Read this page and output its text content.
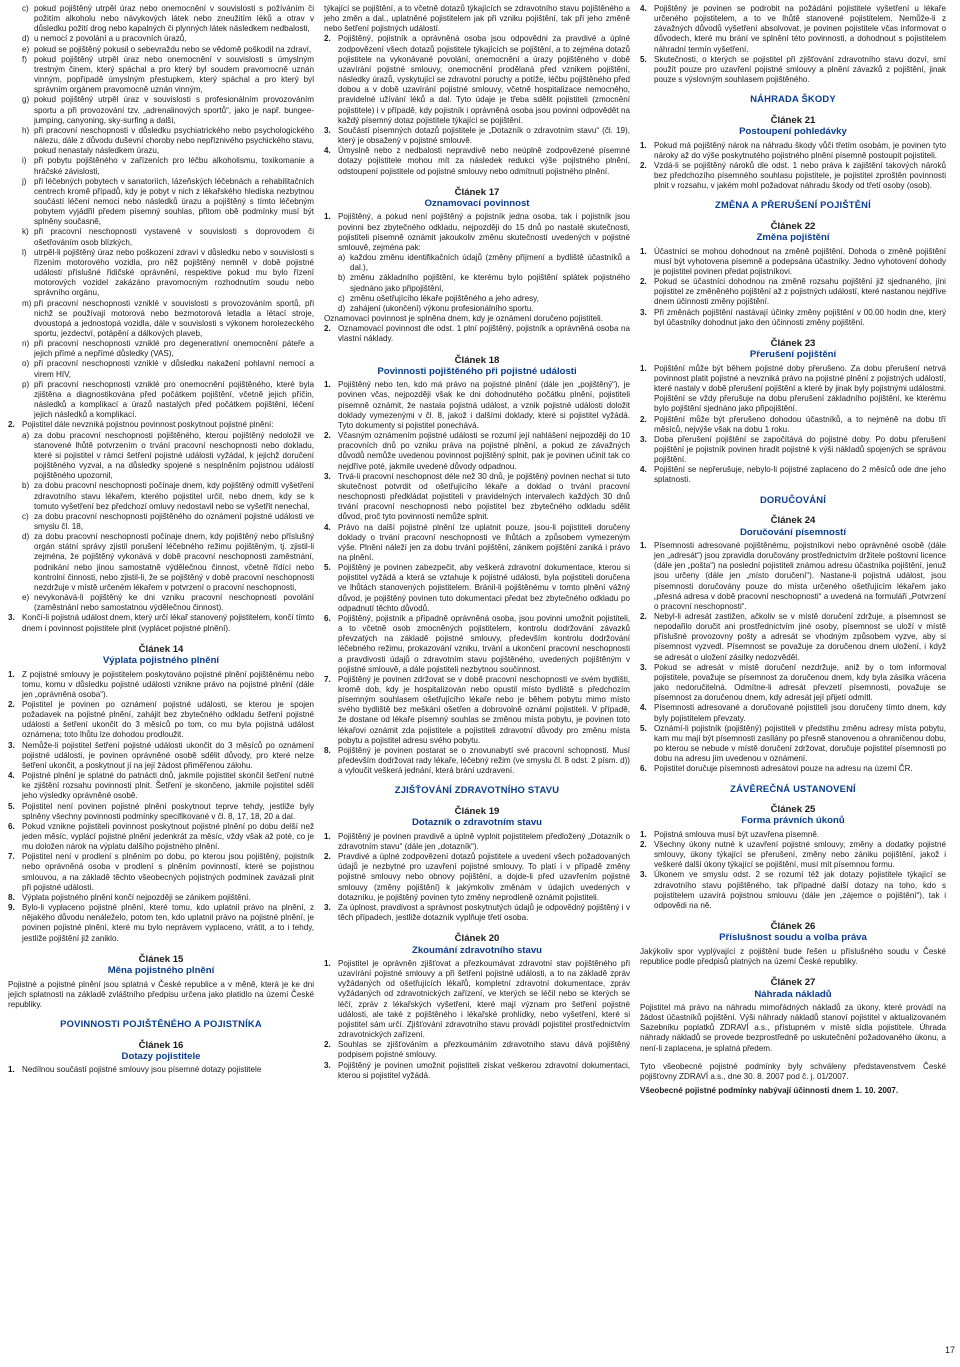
c) pokud pojištěný utrpěl úraz nebo onemocnění v souvislosti s požíváním či požitím alkoholu nebo návykových látek nebo zneužitím léků a otrav v důsledku požití drog nebo kapalných či plynných látek následkem nedbalosti,
d) u nemocí z povolání a u pracovních úrazů,
e) pokud se pojištěný pokusil o sebevraždu nebo se vědomě poškodil na zdraví,
f) pokud pojištěný utrpěl úraz nebo onemocnění v souvislosti s úmyslným trestným činem, který spáchal a pro který byl soudem pravomocně uznán vinným, popřípadě úmyslným přestupkem, který spáchal a pro který byl správním orgánem pravomocně uznán vinným,
g) pokud pojištěný utrpěl úraz v souvislosti s profesionálním provozováním sportu a při provozování tzv. „adrenalinových sportů“, jako je např. bungee-jumping, canyoning, sky-surfing a další,
h) při pracovní neschopnosti v důsledku psychiatrického nebo psychologického nálezu, dále z důvodu duševní choroby nebo nepříznivého psychického stavu, pokud nenastaly následkem úrazu,
i) při pobytu pojištěného v zařízeních pro léčbu alkoholismu, toxikomanie a hráčské závislosti,
j) při léčebných pobytech v sanatoriích, lázeňských léčebnách a rehabilitačních centrech kromě případů, kdy je pobyt v nich z lékařského hlediska nezbytnou součástí léčení nemoci nebo následků úrazu a pojištěný s tímto léčebným pobytem vyjádřil předem písemný souhlas, přitom obě podmínky musí být splněny současně,
k) při pracovní neschopnosti vystavené v souvislosti s doprovodem či ošetřováním osob blízkých,
l) utrpěl-li pojištěný úraz nebo poškození zdraví v důsledku nebo v souvislosti s řízením motorového vozidla, pro něž pojištěný nemněl v době pojistné události příslušné řidičské oprávnění, respektive pokud mu bylo řízení motorových vozidel zakázáno pravomocným rozhodnutím soudu nebo správního orgánu,
m) při pracovní neschopnosti vzniklé v souvislosti s provozováním sportů, při nichž se používají motorová nebo bezmotorová letadla a létací stroje, dvoustopá a jednostopá vozidla, dále v souvislosti s výkonem horolezeckého sportu, jezdectví, potápění a dálkových plaveb,
n) při pracovní neschopnosti vzniklé pro degenerativní onemocnění páteře a jejich přímé a nepřímé důsledky (VAS),
o) při pracovní neschopnosti vzniklé v důsledku nakažení pohlavní nemocí a virem HIV,
p) při pracovní neschopnosti vzniklé pro onemocnění pojištěného, které byla zjištěna a diagnostikována před počátkem pojištění, včetně jejich příčin, následků a komplikací a úrazů nastalých před počátkem pojištění, léčení jejich následků a komplikací.
2. Pojistitel dále nevzniká pojistnou povinnost poskytnout pojistné plnění:
a) za dobu pracovní neschopnosti pojištěného, kterou pojištěný nedoložil ve stanovené lhůtě potvrzením o trvání pracovní neschopnosti nebo dokladu, které si pojistitel v rámci šetření pojistné události vyžádal, k jejichž doručení pojištěného vyzval, a na důsledky spojené s nesplněním pojistnou událostí pojištěného upozornil,
b) za dobu pracovní neschopnosti počínaje dnem, kdy pojištěný odmítl vyšetření zdravotního stavu lékařem, kterého pojistitel určil, nebo dnem, kdy se k tomuto vyšetření bez předchozí omluvy nedostavil nebo se vyšetřit nenechal,
c) za dobu pracovní neschopnosti pojištěného do oznámení pojistné události ve smyslu čl. 18,
d) za dobu pracovní neschopnosti počínaje dnem, kdy pojištěný nebo příslušný orgán státní správy zjistil porušení léčebného režimu pojištěným, tj. zjistil-li zejména, že pojištěný vykonává v době pracovní neschopnosti zaměstnání, podnikání nebo jinou samostatně výdělečnou činnost, včetně řídící nebo kontrolní činnosti, nebo zjistil-li, že se pojištěný v době pracovní neschopnosti nezdržuje v místě určeném lékařem v potvrzení o pracovní neschopnosti,
e) nevykonává-li pojištěný ke dni vzniku pracovní neschopnosti povolání (zaměstnání nebo samostatnou výdělečnou činnost).
3. Končí-li pojistná událost dnem, který určí lékař stanovený pojistitelem, končí tímto dnem i povinnost pojistitele plnit (vyplácet pojistné plnění).
Článek 14
Výplata pojistného plnění
1. Z pojistné smlouvy je pojistitelem poskytováno pojistné plnění pojištěnému nebo tomu, komu v důsledku pojistné události vznikne právo na pojistné plnění (dále jen „oprávněná osoba“).
2. Pojistitel je povinen po oznámení pojistné události, se kterou je spojen požadavek na pojistné plnění, zahájit bez zbytečného odkladu šetření pojistné události a šetření ukončit do 3 měsíců po tom, co mu byla pojistná událost oznámena; toto lhůtu lze dohodou prodloužit.
3. Nemůže-li pojistitel šetření pojistné události ukončit do 3 měsíců po oznámení pojistné události, je povinen oprávněné osobě sdělit důvody, pro které nelze šetření ukončit, a poskytnout jí na její žádost přiměřenou zálohu.
4. Pojistné plnění je splatné do patnácti dnů, jakmile pojistitel skončil šetření nutné ke zjištění rozsahu povinnosti plnit. Šetření je skončeno, jakmile pojistitel sdělí jeho výsledky oprávněné osobě.
5. Pojistitel není povinen pojistné plnění poskytnout teprve tehdy, jestliže byly splněny všechny povinnosti podmínky specifikované v čl. 8, 17, 18, 20 a dal.
6. Pokud vznikne pojistiteli povinnost poskytnout pojistné plnění po dobu delší než jeden měsíc, vyplácí pojistné plnění jedenkrát za měsíc, vždy však až poté, co je mu doložen nárok na výplatu dalšího pojistného plnění.
7. Pojistitel není v prodlení s plněním po dobu, po kterou jsou pojištěný, pojistník nebo oprávněná osoba v prodlení s plněním povinností, které se pojistnou smlouvou, a na základě těchto všeobecných pojistných podmínek zavázali plnit při pojistné události.
8. Výplata pojistného plnění končí nejpozději se zánikem pojištění.
9. Bylo-li vyplaceno pojistné plnění, které tomu, kdo uplatnil právo na plnění, z nějakého důvodu nenáleželo, potom ten, kdo uplatnil právo na pojistné plnění, je povinen pojistné plnění, které mu bylo neprávem vyplaceno, vrátit, a to i tehdy, jestliže pojištění již zaniklo.
Článek 15
Měna pojistného plnění

Pojistné a pojistné plnění jsou splatná v České republice a v měně, která je ke dni jejich splatnosti na základě zvláštního předpisu určena jako platidlo na území České republiky.

POVINNOSTI POJIŠTĚNÉHO A POJISTNÍKA
Článek 16
Dotazy pojistitele
1. Nedílnou součástí pojistné smlouvy jsou písemné dotazy pojistitele

týkající se pojištění, a to včetně dotazů týkajících se zdravotního stavu pojištěného a jeho změn a dal., uplatněné pojistitelem jak při vzniku pojištění, tak při jeho změně nebo šetření pojistných událostí.

2. Pojištěný, pojistník a oprávněná osoba jsou odpovědni za pravdivé a úplné zodpovězení všech dotazů pojistitele týkajících se pojištění, a to zejména dotazů pojistitele na vykonávané povolání, onemocnění a úrazy pojištěného v době uzavírání pojistné smlouvy, onemocnění prodělaná před vznikem pojištění, následky úrazů, vyskytující se zdravotní poruchy a potíže, léčbu pojištěného před dobou a v době uzavírání pojistné smlouvy, včetně hospitalizace nemocného, pravidelné užívání léků a dal. Tyto údaje je třeba sdělit pojistiteli (zmocnění pojistitele) i v případě, kdy pojistník i oprávněná osoba jsou povinni odpovědět na každý písemný dotaz pojistitele týkající se pojištění.
3. Součástí písemných dotazů pojistitele je „Dotazník o zdravotním stavu“ (čl. 19), který je obsažený v pojistné smlouvě.
4. Úmyslně nebo z nedbalosti nepravdivě nebo neúplně zodpovězené písemné dotazy pojistitele mohou mít za následek redukci výše pojistného plnění, odstoupení pojistitele od pojistné smlouvy nebo odmítnutí pojistného plnění.
Článek 17
Oznamovací povinnost
1. Pojištěný, a pokud není pojištěný a pojistník jedna osoba, tak i pojistník jsou povinni bez zbytečného odkladu, nejpozději do 15 dnů po nastalé skutečnosti, pojistiteli písemně oznámit jakoukoliv změnu skutečností uvedených v pojistné smlouvě, zejména pak:
a) každou změnu identifikačních údajů (změny příjmení a bydliště účastníků a dal.),
b) změnu základního pojištění, ke kterému bylo pojištění splátek pojistného sjednáno jako připojištění,
c) změnu ošetřujícího lékaře pojištěného a jeho adresy,
d) zahájení (ukončení) výkonu profesionálního sportu.

Oznamovací povinnost je splněna dnem, kdy je oznámení doručeno pojistiteli.

2. Oznamovací povinnost dle odst. 1 plní pojištěný, pojistník a oprávněná osoba na vlastní náklady.
Článek 18
Povinnosti pojištěného při pojistné události
1. Pojištěný nebo ten, kdo má právo na pojistné plnění (dále jen „pojištěný“), je povinen včas, nejpozději však ke dni dohodnutého počátku plnění, pojistiteli písemně oznámit, že nastala pojistná událost, a vznik pojistné události doložit doklady vymezenými v čl. 8, jakož i dalšími doklady, které si pojistitel vyžádá. Tyto dokumenty si pojistitel ponechává.
2. Včasným oznámením pojistné události se rozumí její nahlášení nejpozději do 10 pracovních dnů po vzniku práva na pojistné plnění, a pokud ze závažných důvodů nemůže uvedenou povinnost pojištěný splnit, pak je povinen učinit tak co nejdříve poté, jakmile uvedené důvody odpadnou.
3. Trvá-li pracovní neschopnost déle než 30 dnů, je pojištěný povinen nechat si tuto skutečnost potvrdit od ošetřujícího lékaře a doklad o trvání pracovní neschopnosti předkládat pojistiteli v pravidelných intervalech každých 30 dnů trvání pracovní neschopnosti nebo pojistitel bez zbytečného odkladu sdělit důvod, proč tyto povinnosti nemůže splnit.
4. Právo na další pojistné plnění lze uplatnit pouze, jsou-li pojistiteli doručeny doklady o trvání pracovní neschopnosti ve lhůtách a způsobem vymezeným výše. Plnění náleží jen za dobu trvání pojištění, zánikem pojištění zaniká i právo na plnění.
5. Pojištěný je povinen zabezpečit, aby veškerá zdravotní dokumentace, kterou si pojistitel vyžádá a která se vztahuje k pojistné události, byla pojistiteli doručena ve lhůtách stanovených pojistitelem. Bránil-li pojištěnému v tomto plnění vážný důvod, je pojištěný povinen tuto dokumentaci předat bez zbytečného odkladu po odpadnutí těchto důvodů.
6. Pojištěný, pojistník a případně oprávněná osoba, jsou povinni umožnit pojistiteli, a to včetně osob zmocněných pojistitelem, kontrolu dodržování závazků převzatých na základě pojistné smlouvy, především kontrolu dodržování léčebného režimu, prokazování vzniku, trvání a ukončení pracovní neschopnosti a pravdivosti údajů o zdravotním stavu pojištěného, uvedených pojištěným v pojistné smlouvě, a dále pojistiteli nezbytnou součinnost.
7. Pojištěný je povinen zdržovat se v době pracovní neschopnosti ve svém bydlišti, kromě dob, kdy je hospitalizován nebo opustil místo bydliště s předchozím písemným souhlasem ošetřujícího lékaře nebo je během pobytu mimo místo svého bydliště bez meškání ošetřen a dobrovolně oznámí pojistiteli. V případě, že dostane od lékaře písemný souhlas se změnou místa pobytu, je povinen toto lékařovi oznámit zda pojistitele a pojistiteli zdravotní důvody pro změnu místa pobytu a pojistitel adresu svého pobytu.
8. Pojištěný je povinen postarat se o znovunabytí své pracovní schopnosti. Musí především dodržovat rady lékaře, léčebný režim (ve smyslu čl. 8 odst. 2 písm. d)) a vyloučit veškerá jednání, která brání uzdravení.
ZJIŠŤOVÁNÍ ZDRAVOTNÍHO STAVU
Článek 19
Dotazník o zdravotním stavu
1. Pojištěný je povinen pravdivě a úplně vyplnit pojistitelem předložený „Dotazník o zdravotním stavu“ (dále jen „dotazník“).
2. Pravdivé a úplné zodpovězení dotazů pojistitele a uvedení všech požadovaných údajů je nezbytné pro uzavření pojistné smlouvy. To platí i v případě změny pojistné smlouvy nebo obnovy pojištění, a dojde-li před uzavřením pojistné smlouvy (změny pojištění) k jakýmkoliv změnám v údajích uvedených v dotazníku, je pojištěný povinen tyto změny neprodleně oznámit pojistiteli.
3. Za úplnost, pravdivost a správnost poskytnutých údajů je odpovědný pojištěný i v těch případech, jestliže dotazník vyplňuje třetí osoba.
Článek 20
Zkoumání zdravotního stavu
1. Pojistitel je oprávněn zjišťovat a přezkoumávat zdravotní stav pojištěného při uzavírání pojistné smlouvy a při šetření pojistné události, a to na základě zpráv vyžádaných od ošetřujících lékařů, kompletní zdravotní dokumentace, zpráv vyžádaných od zdravotnických zařízení, ve kterých se léčil nebo se kterých se léčí, zpráv z lékařských vyšetření, které mají význam pro šetření pojistné události, ale také z pojištěného i lékařské prohlídky, nebo vyšetření, které si pojistitel sám určí. Zjišťování zdravotního stavu provádí pojistitel prostřednictvím zdravotnických zařízení.
2. Souhlas se zjišťováním a přezkoumáním zdravotního stavu dává pojištěný podpisem pojistné smlouvy.
3. Pojištěný je povinen umožnit pojistiteli získat veškerou zdravotní dokumentaci, kterou si pojistitel vyžádá.
4. Pojištěný je povinen se podrobit na požádání pojistitele vyšetření u lékaře určeného pojistitelem, a to ve lhůtě stanovené pojistitelem. Nemůže-li z závažných důvodů vyšetření absolvovat, je povinen pojistitele včas informovat o důvodech, které mu brání ve splnění této povinnosti, a dohodnout s pojistitelem náhradní termín vyšetření.
5. Skutečnosti, o kterých se pojistitel při zjišťování zdravotního stavu dozví, smí použít pouze pro uzavření pojistné smlouvy a plnění závazků z pojištění, jinak pouze s výslovným souhlasem pojištěného.
NÁHRADA ŠKODY
Článek 21
Postoupení pohledávky
1. Pokud má pojištěný nárok na náhradu škody vůči třetím osobám, je povinen tyto nároky až do výše poskytnutého pojistného plnění písemně postoupit pojistiteli.
2. Vzdá-li se pojištěný nároků dle odst. 1 nebo práva k zajištění takových nároků bez předchozího písemného souhlasu pojistitele, je pojistitel zproštěn povinnosti plnit v rozsahu, v jakém mohl požadovat náhradu škody od třetí osoby (osob).
ZMĚNA A PŘERUŠENÍ POJIŠTĚNÍ
Článek 22
Změna pojištění
1. Účastníci se mohou dohodnout na změně pojištění. Dohoda o změně pojištění musí být vyhotovena písemně a podepsána účastníky. Jedno vyhotovení dohody je pojistitel povinen předat pojistníkovi.
2. Pokud se účastníci dohodnou na změně rozsahu pojištění již sjednaného, jíni pojistitel ze změněného pojištění až z pojistných událostí, které nastanou nejdříve dnem účinnosti změny pojištění.
3. Při změnách pojištění nastávají účinky změny pojištění v 00.00 hodin dne, který byl účastníky dohodnut jako den účinnosti změny pojištění.
Článek 23
Přerušení pojištění
1. Pojištění může být během pojistné doby přerušeno. Za dobu přerušení netrvá povinnost platit pojistné a nevzniká právo na pojistné plnění z pojistných událostí, které nastaly v době přerušení pojištění a které by jinak byly pojistnými událostmi. Pojištění se vždy přerušuje na dobu přerušení základního pojištění, ke kterému bylo pojištění sjednáno jako připojištění.
2. Pojištění může být přerušeno dohodou účastníků, a to nejméně na dobu tří měsíců, nejvýše však na dobu 1 roku.
3. Doba přerušení pojištění se započítává do pojistné doby. Po dobu přerušení pojištění je pojistník povinen hradit pojistné k výši nákladů spojených se správou pojištění.
4. Pojištění se nepřerušuje, nebylo-li pojistné zaplaceno do 2 měsíců ode dne jeho splatnosti.
DORUČOVÁNÍ
Článek 24
Doručování písemností
1. Písemnosti adresované pojištěnému, pojistníkovi nebo oprávněné osobě (dále jen „adresát“) jsou zpravidla doručovány prostřednictvím držitele poštovní licence (dále jen „pošta“) na poslední pojistiteli známou adresu účastníka pojištění, jenuž jsou určeny (dále jen „místo doručení“). Nastane-li pojistná událost, jsou písemnosti doručovány pouze do místa určeného ošetřujícím lékařem jako „přesná adresa v době pracovní neschopnosti“ a uvedená na formuláři „Potvrzení o pracovní neschopnosti“.
2. Nebyl-li adresát zastižen, ačkoliv se v místě doručení zdržuje, a písemnost se nepodařilo doručit ani prostřednictvím jiné osoby, písemnost se uloží v místě příslušné provozovny pošty a adresát se vhodným způsobem vyzve, aby si písemnost vyzvedl. Písemnost se považuje za doručenou dnem uložení, i když se adresát o uložení zásilky nedozvěděl.
3. Pokud se adresát v místě doručení nezdržuje, aniž by o tom informoval pojistitele, považuje se písemnost za doručenou dnem, kdy byla zásilka vrácena jako nedoručitelná. Odmítne-li adresát převzetí písemnosti, považuje se písemnost za doručenou dnem, kdy adresát její přijetí odmítl.
4. Písemnosti adresované a doručované pojistiteli jsou doručeny tímto dnem, kdy byly pojistitelem převzaty.
5. Oznámí-li pojistník (pojištěný) pojistiteli v předstihu změnu adresy místa pobytu, kam mu mají být písemnosti zasílány po přesně stanovenou a ohraničenou dobu, po kterou se nebude v místě doručení zdržovat, doručuje pojistitel písemnosti po dobu na adresu jím uvedenou v oznámení.
6. Pojistitel doručuje písemnosti adresátovi pouze na adresu na území ČR.
ZÁVĚREČNÁ USTANOVENÍ
Článek 25
Forma právních úkonů
1. Pojistná smlouva musí být uzavřena písemně.
2. Všechny úkony nutné k uzavření pojistné smlouvy, změny a dodatky pojistné smlouvy, úkony týkající se přerušení, změny nebo zániku pojištění, jakož i veškeré další úkony týkající se pojištění, musí mít písemnou formu.
3. Úkonem ve smyslu odst. 2 se rozumí též jak dotazy pojistitele týkající se zdravotního stavu pojištěného, tak případné další dotazy na toho, kdo s pojistitelem uzavírá pojistnou smlouvu (dále jen „zájemce o pojištění“), tak i odpovědi na ně.
Článek 26
Příslušnost soudu a volba práva

Jakýkoliv spor vyplývající z pojištění bude řešen u příslušného soudu v České republice podle předpisů platných na území České republiky.

Článek 27
Náhrada nákladů

Pojistitel má právo na náhradu mimořádných nákladů za úkony, které provádí na žádost účastníků pojištění. Výši náhrady nákladů stanoví pojistitel v aktualizovaném Sazebníku poplatků ZDRAVÍ a.s., přístupném v místě sídla pojistitele. Úhrada náhrady nákladů se provede bezprostředně po uskutečnění požadovaného úkonu, a není-li zaplacena, je splatná předem.

Tyto všeobecné pojistné podmínky byly schváleny představenstvem České pojišťovny ZDRAVÍ a.s., dne 30. 8. 2007 pod č. j. 01/2007.

Všeobecné pojistné podmínky nabývají účinnosti dnem 1. 10. 2007.

17
